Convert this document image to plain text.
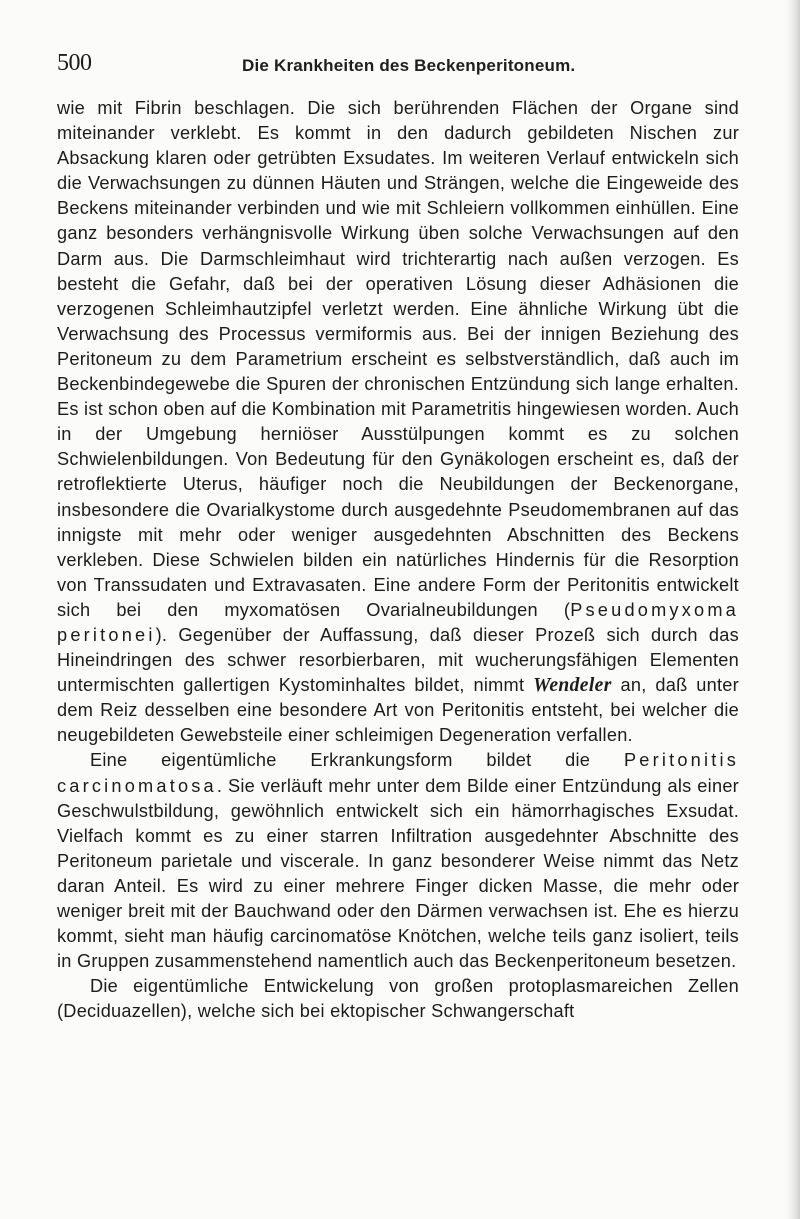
500	Die Krankheiten des Beckenperitoneum.

wie mit Fibrin beschlagen. Die sich berührenden Flächen der Organe sind miteinander verklebt. Es kommt in den dadurch gebildeten Nischen zur Absackung klaren oder getrübten Exsudates. Im weiteren Verlauf entwickeln sich die Verwachsungen zu dünnen Häuten und Strängen, welche die Eingeweide des Beckens miteinander verbinden und wie mit Schleiern vollkommen einhüllen. Eine ganz besonders verhängnisvolle Wirkung üben solche Verwachsungen auf den Darm aus. Die Darmschleimhaut wird trichterartig nach außen verzogen. Es besteht die Gefahr, daß bei der operativen Lösung dieser Adhäsionen die verzogenen Schleimhautzipfel verletzt werden. Eine ähnliche Wirkung übt die Verwachsung des Processus vermiformis aus. Bei der innigen Beziehung des Peritoneum zu dem Parametrium erscheint es selbstverständlich, daß auch im Beckenbindegewebe die Spuren der chronischen Entzündung sich lange erhalten. Es ist schon oben auf die Kombination mit Parametritis hingewiesen worden. Auch in der Umgebung herniöser Ausstülpungen kommt es zu solchen Schwielenbildungen. Von Bedeutung für den Gynäkologen erscheint es, daß der retroflektierte Uterus, häufiger noch die Neubildungen der Beckenorgane, insbesondere die Ovarialkystome durch ausgedehnte Pseudomembranen auf das innigste mit mehr oder weniger ausgedehnten Abschnitten des Beckens verkleben. Diese Schwielen bilden ein natürliches Hindernis für die Resorption von Transsudaten und Extravasaten. Eine andere Form der Peritonitis entwickelt sich bei den myxomatösen Ovarialneubildungen (Pseudomyxoma peritonei). Gegenüber der Auffassung, daß dieser Prozeß sich durch das Hineindringen des schwer resorbierbaren, mit wucherungsfähigen Elementen untermischten gallertigen Kystominhaltes bildet, nimmt Wendeler an, daß unter dem Reiz desselben eine besondere Art von Peritonitis entsteht, bei welcher die neugebildeten Gewebsteile einer schleimigen Degeneration verfallen.

Eine eigentümliche Erkrankungsform bildet die Peritonitis carcinomatosa. Sie verläuft mehr unter dem Bilde einer Entzündung als einer Geschwulstbildung, gewöhnlich entwickelt sich ein hämorrhagisches Exsudat. Vielfach kommt es zu einer starren Infiltration ausgedehnter Abschnitte des Peritoneum parietale und viscerale. In ganz besonderer Weise nimmt das Netz daran Anteil. Es wird zu einer mehrere Finger dicken Masse, die mehr oder weniger breit mit der Bauchwand oder den Därmen verwachsen ist. Ehe es hierzu kommt, sieht man häufig carcinomatöse Knötchen, welche teils ganz isoliert, teils in Gruppen zusammenstehend namentlich auch das Beckenperitoneum besetzen.

Die eigentümliche Entwickelung von großen protoplasmareichen Zellen (Deciduazellen), welche sich bei ektopischer Schwangerschaft
